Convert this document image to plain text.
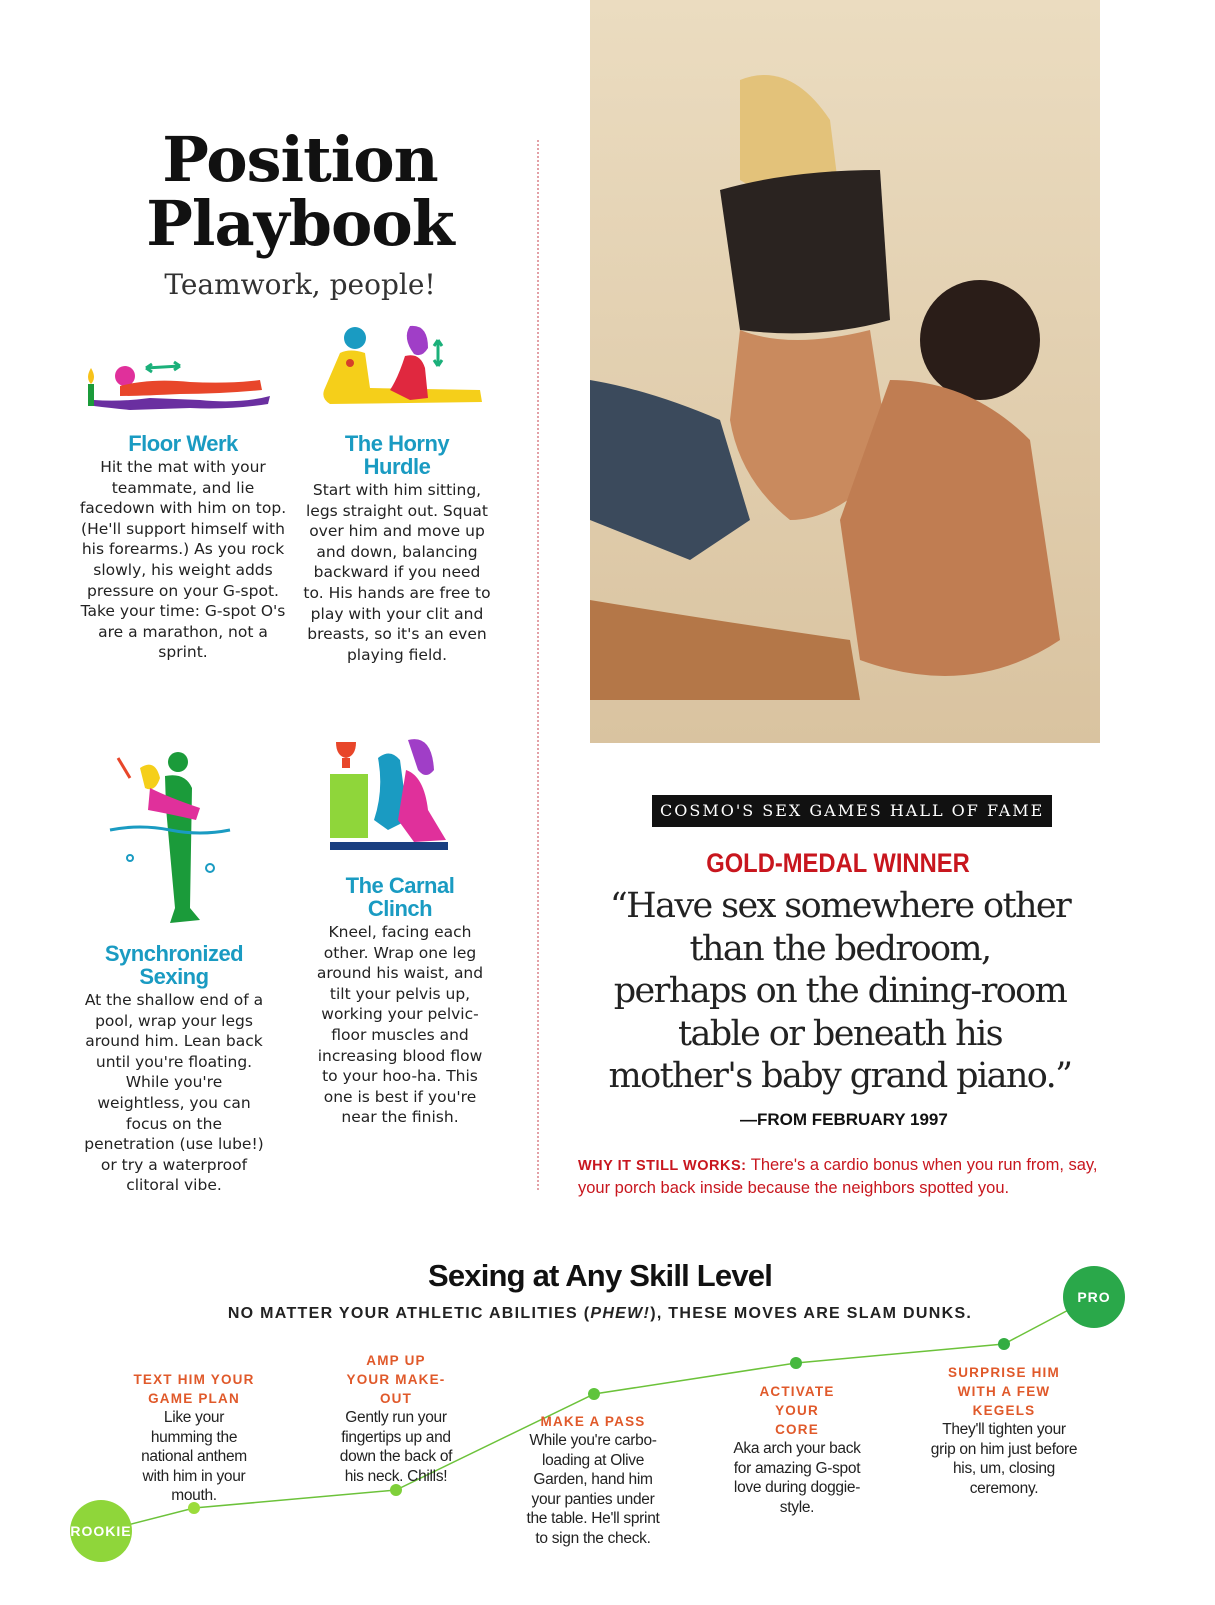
Position
Playbook
Teamwork, people!
Floor Werk
Hit the mat with your teammate, and lie facedown with him on top. (He'll support himself with his forearms.) As you rock slowly, his weight adds pressure on your G-spot. Take your time: G-spot O's are a marathon, not a sprint.
The Horny Hurdle
Start with him sitting, legs straight out. Squat over him and move up and down, balancing backward if you need to. His hands are free to play with your clit and breasts, so it's an even playing field.
Synchronized Sexing
At the shallow end of a pool, wrap your legs around him. Lean back until you're floating. While you're weightless, you can focus on the penetration (use lube!) or try a waterproof clitoral vibe.
The Carnal Clinch
Kneel, facing each other. Wrap one leg around his waist, and tilt your pelvis up, working your pelvic-floor muscles and increasing blood flow to your hoo-ha. This one is best if you're near the finish.
COSMO'S SEX GAMES HALL OF FAME
GOLD-MEDAL WINNER
“Have sex somewhere other
than the bedroom,
perhaps on the dining-room
table or beneath his
mother's baby grand piano.”
—FROM FEBRUARY 1997
WHY IT STILL WORKS: There's a cardio bonus when you run from, say, your porch back inside because the neighbors spotted you.
Sexing at Any Skill Level
NO MATTER YOUR ATHLETIC ABILITIES (PHEW!), THESE MOVES ARE SLAM DUNKS.
ROOKIE
PRO
TEXT HIM YOUR GAME PLAN
Like your humming the national anthem with him in your mouth.
AMP UP YOUR MAKE-OUT
Gently run your fingertips up and down the back of his neck. Chills!
MAKE A PASS
While you're carbo-loading at Olive Garden, hand him your panties under the table. He'll sprint to sign the check.
ACTIVATE YOUR CORE
Aka arch your back for amazing G-spot love during doggie-style.
SURPRISE HIM WITH A FEW KEGELS
They'll tighten your grip on him just before his, um, closing ceremony.
